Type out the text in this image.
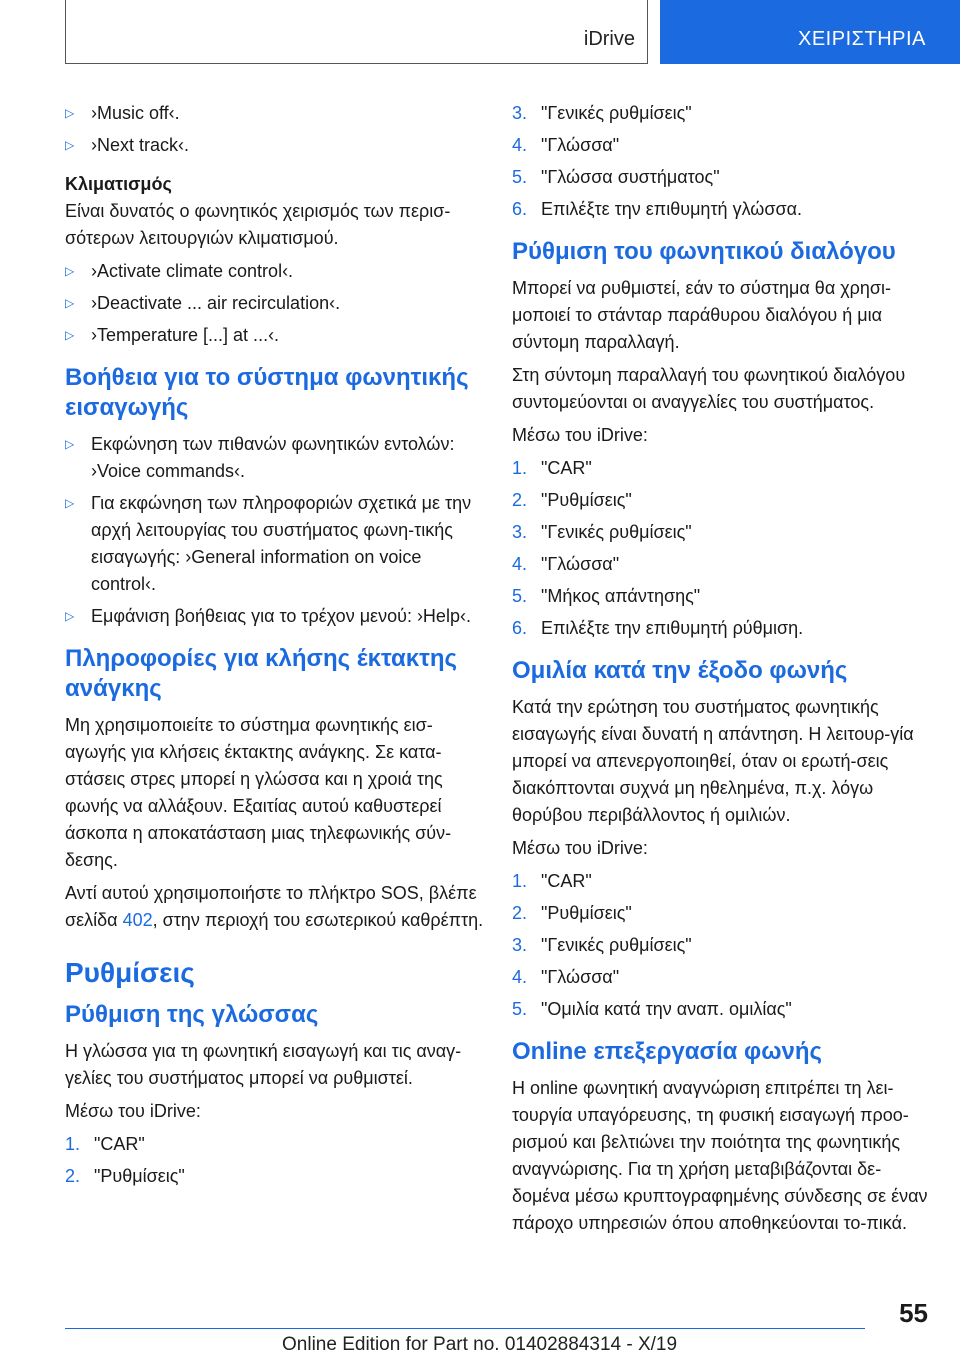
iDrive	ΧΕΙΡΙΣΤΗΡΙΑ
▷ ›Music off‹.
▷ ›Next track‹.
Κλιματισμός

Είναι δυνατός ο φωνητικός χειρισμός των περισ-σότερων λειτουργιών κλιματισμού.

▷ ›Activate climate control‹.
▷ ›Deactivate ... air recirculation‹.
▷ ›Temperature [...] at ...‹.
Βοήθεια για το σύστημα φωνητικής εισαγωγής
▷ Εκφώνηση των πιθανών φωνητικών εντολών: ›Voice commands‹.
▷ Για εκφώνηση των πληροφοριών σχετικά με την αρχή λειτουργίας του συστήματος φωνη-τικής εισαγωγής: ›General information on voice control‹.
▷ Εμφάνιση βοήθειας για το τρέχον μενού: ›Help‹.
Πληροφορίες για κλήσης έκτακτης ανάγκης

Μη χρησιμοποιείτε το σύστημα φωνητικής εισ-αγωγής για κλήσεις έκτακτης ανάγκης. Σε κατα-στάσεις στρες μπορεί η γλώσσα και η χροιά της φωνής να αλλάξουν. Εξαιτίας αυτού καθυστερεί άσκοπα η αποκατάσταση μιας τηλεφωνικής σύν-δεσης.

Αντί αυτού χρησιμοποιήστε το πλήκτρο SOS, βλέπε σελίδα 402, στην περιοχή του εσωτερικού καθρέπτη.

Ρυθμίσεις
Ρύθμιση της γλώσσας

Η γλώσσα για τη φωνητική εισαγωγή και τις αναγ-γελίες του συστήματος μπορεί να ρυθμιστεί.

Μέσω του iDrive:

1. "CAR"
2. "Ρυθμίσεις"
3. "Γενικές ρυθμίσεις"
4. "Γλώσσα"
5. "Γλώσσα συστήματος"
6. Επιλέξτε την επιθυμητή γλώσσα.
Ρύθμιση του φωνητικού διαλόγου

Μπορεί να ρυθμιστεί, εάν το σύστημα θα χρησι-μοποιεί το στάνταρ παράθυρου διαλόγου ή μια σύντομη παραλλαγή.

Στη σύντομη παραλλαγή του φωνητικού διαλόγου συντομεύονται οι αναγγελίες του συστήματος.

Μέσω του iDrive:

1. "CAR"
2. "Ρυθμίσεις"
3. "Γενικές ρυθμίσεις"
4. "Γλώσσα"
5. "Μήκος απάντησης"
6. Επιλέξτε την επιθυμητή ρύθμιση.
Ομιλία κατά την έξοδο φωνής

Κατά την ερώτηση του συστήματος φωνητικής εισαγωγής είναι δυνατή η απάντηση. Η λειτουρ-γία μπορεί να απενεργοποιηθεί, όταν οι ερωτή-σεις διακόπτονται συχνά μη ηθελημένα, π.χ. λόγω θορύβου περιβάλλοντος ή ομιλιών.

Μέσω του iDrive:

1. "CAR"
2. "Ρυθμίσεις"
3. "Γενικές ρυθμίσεις"
4. "Γλώσσα"
5. "Ομιλία κατά την αναπ. ομιλίας"
Online επεξεργασία φωνής

Η online φωνητική αναγνώριση επιτρέπει τη λει-τουργία υπαγόρευσης, τη φυσική εισαγωγή προο-ρισμού και βελτιώνει την ποιότητα της φωνητικής αναγνώρισης. Για τη χρήση μεταβιβάζονται δε-δομένα μέσω κρυπτογραφημένης σύνδεσης σε έναν πάροχο υπηρεσιών όπου αποθηκεύονται το-πικά.

55
Online Edition for Part no. 01402884314 - X/19
